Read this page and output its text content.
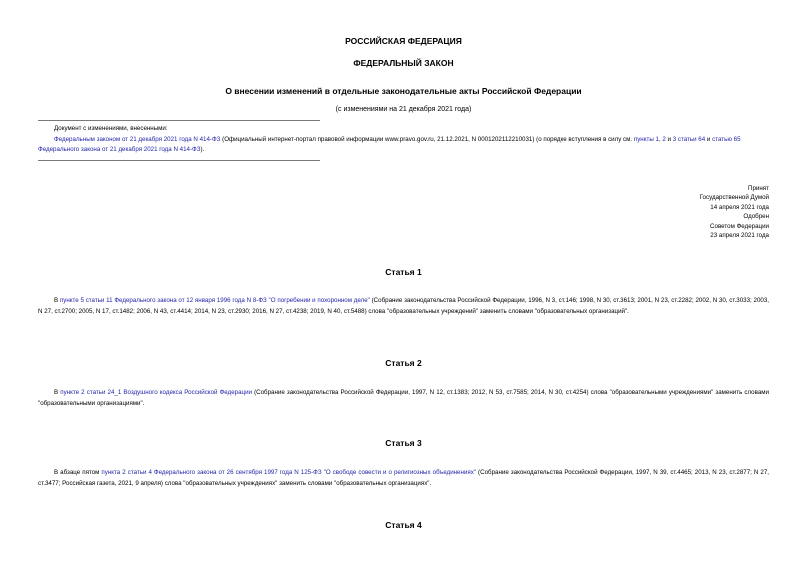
РОССИЙСКАЯ ФЕДЕРАЦИЯ
ФЕДЕРАЛЬНЫЙ ЗАКОН
О внесении изменений в отдельные законодательные акты Российской Федерации
(с изменениями на 21 декабря 2021 года)
Документ с изменениями, внесенными:
Федеральным законом от 21 декабря 2021 года N 414-ФЗ (Официальный интернет-портал правовой информации www.pravo.gov.ru, 21.12.2021, N 0001202112210031) (о порядке вступления в силу см. пункты 1, 2 и 3 статьи 64 и статью 65 Федерального закона от 21 декабря 2021 года N 414-ФЗ).
Принят
Государственной Думой
14 апреля 2021 года
Одобрен
Советом Федерации
23 апреля 2021 года
Статья 1
В пункте 5 статьи 11 Федерального закона от 12 января 1996 года N 8-ФЗ "О погребении и похоронном деле" (Собрание законодательства Российской Федерации, 1996, N 3, ст.146; 1998, N 30, ст.3613; 2001, N 23, ст.2282; 2002, N 30, ст.3033; 2003, N 27, ст.2700; 2005, N 17, ст.1482; 2006, N 43, ст.4414; 2014, N 23, ст.2930; 2016, N 27, ст.4238; 2019, N 40, ст.5488) слова "образовательных учреждений" заменить словами "образовательных организаций".
Статья 2
В пункте 2 статьи 24_1 Воздушного кодекса Российской Федерации (Собрание законодательства Российской Федерации, 1997, N 12, ст.1383; 2012, N 53, ст.7585; 2014, N 30, ст.4254) слова "образовательными учреждениями" заменить словами "образовательными организациями".
Статья 3
В абзаце пятом пункта 2 статьи 4 Федерального закона от 26 сентября 1997 года N 125-ФЗ "О свободе совести и о религиозных объединениях" (Собрание законодательства Российской Федерации, 1997, N 39, ст.4465; 2013, N 23, ст.2877; N 27, ст.3477; Российская газета, 2021, 9 апреля) слова "образовательных учреждениях" заменить словами "образовательных организациях".
Статья 4
